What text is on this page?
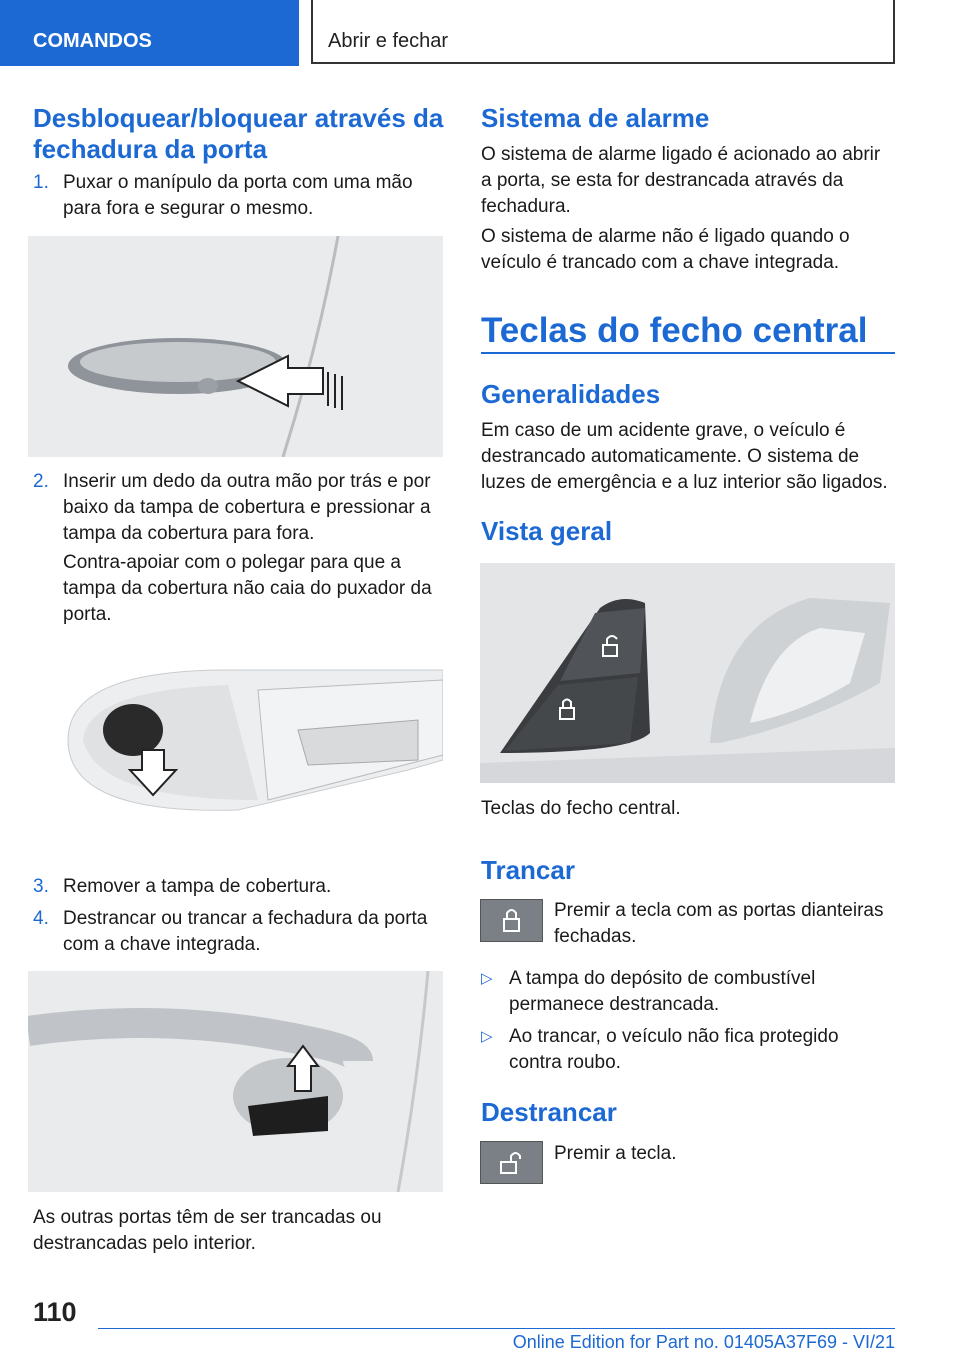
COMANDOS	Abrir e fechar
Desbloquear/bloquear através da fechadura da porta
1. Puxar o manípulo da porta com uma mão para fora e segurar o mesmo.
2. Inserir um dedo da outra mão por trás e por baixo da tampa de cobertura e pressionar a tampa da cobertura para fora.
Contra-apoiar com o polegar para que a tampa da cobertura não caia do puxador da porta.
3. Remover a tampa de cobertura.
4. Destrancar ou trancar a fechadura da porta com a chave integrada.

As outras portas têm de ser trancadas ou destrancadas pelo interior.

Sistema de alarme

O sistema de alarme ligado é acionado ao abrir a porta, se esta for destrancada através da fechadura.

O sistema de alarme não é ligado quando o veículo é trancado com a chave integrada.

Teclas do fecho central
Generalidades

Em caso de um acidente grave, o veículo é destrancado automaticamente. O sistema de luzes de emergência e a luz interior são ligados.

Vista geral

Teclas do fecho central.

Trancar

Premir a tecla com as portas dianteiras fechadas.

▷ A tampa do depósito de combustível permanece destrancada.
▷ Ao trancar, o veículo não fica protegido contra roubo.
Destrancar

Premir a tecla.

110
Online Edition for Part no. 01405A37F69 - VI/21
